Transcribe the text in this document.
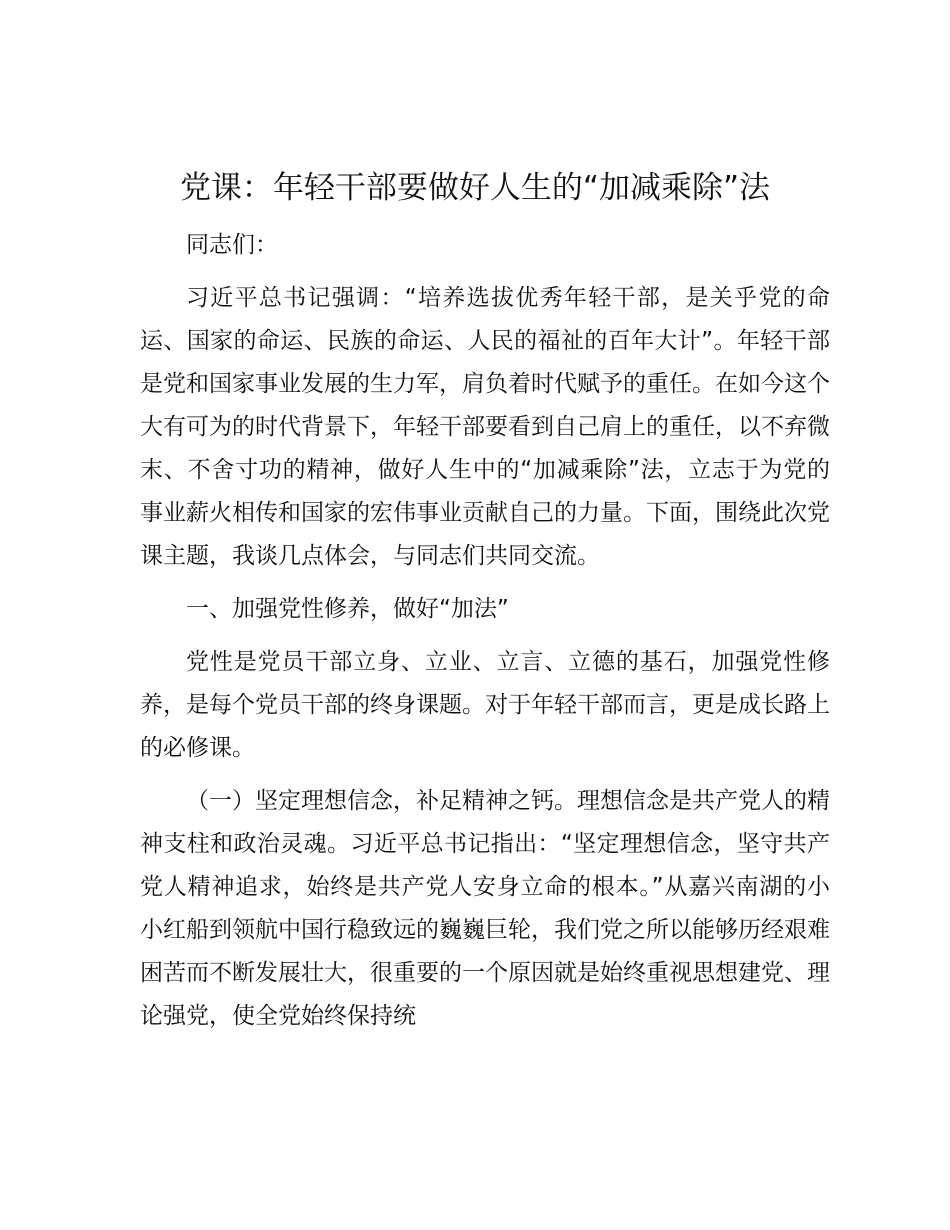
党课：年轻干部要做好人生的“加减乘除”法

同志们：

习近平总书记强调：“培养选拔优秀年轻干部，是关乎党的命运、国家的命运、民族的命运、人民的福祉的百年大计”。年轻干部是党和国家事业发展的生力军，肩负着时代赋予的重任。在如今这个大有可为的时代背景下，年轻干部要看到自己肩上的重任，以不弃微末、不舍寸功的精神，做好人生中的“加减乘除”法，立志于为党的事业薪火相传和国家的宏伟事业贡献自己的力量。下面，围绕此次党课主题，我谈几点体会，与同志们共同交流。

一、加强党性修养，做好“加法”

党性是党员干部立身、立业、立言、立德的基石，加强党性修养，是每个党员干部的终身课题。对于年轻干部而言，更是成长路上的必修课。

（一）坚定理想信念，补足精神之钙。理想信念是共产党人的精神支柱和政治灵魂。习近平总书记指出：“坚定理想信念，坚守共产党人精神追求，始终是共产党人安身立命的根本。”从嘉兴南湖的小小红船到领航中国行稳致远的巍巍巨轮，我们党之所以能够历经艰难困苦而不断发展壮大，很重要的一个原因就是始终重视思想建党、理论强党，使全党始终保持统
